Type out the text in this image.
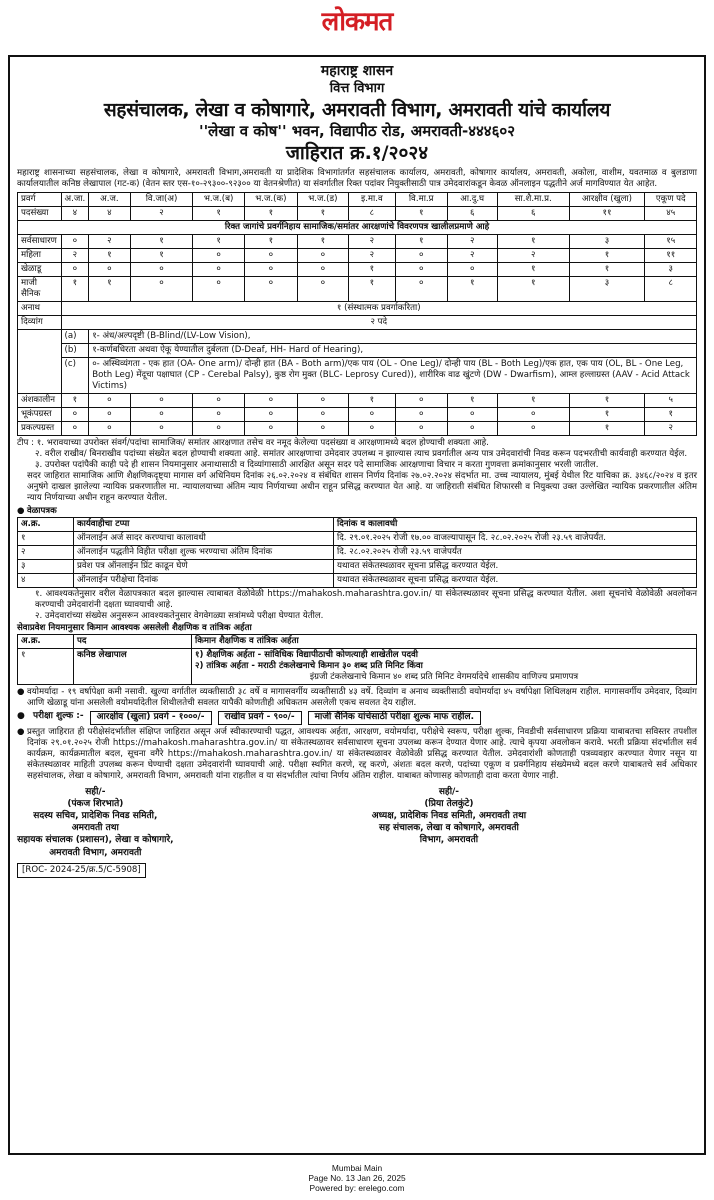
लोकमत
महाराष्ट्र शासन
वित्त विभाग
सहसंचालक, लेखा व कोषागारे, अमरावती विभाग, अमरावती यांचे कार्यालय
''लेखा व कोष'' भवन, विद्यापीठ रोड, अमरावती-४४४६०२
जाहिरात क्र.१/२०२४
महाराष्ट्र शासनाच्या सहसंचालक, लेखा व कोषागारे, अमरावती विभाग,अमरावती या प्रादेशिक विभागांतर्गत सहसंचालक कार्यालय, अमरावती, कोषागार कार्यालय, अमरावती, अकोला, वाशीम, यवतमाळ व बुलडाणा कार्यालयातील कनिष्ठ लेखापाल (गट-क) (वेतन स्तर एस-१०-२९३००-९२३०० या वेतनश्रेणीत) या संवर्गातील रिक्त पदांवर नियुक्तीसाठी पात्र उमेदवारांकडून केवळ ऑनलाइन पद्धतीने अर्ज मागविण्यात येत आहेत.
प्रवर्ग	अ.जा.	अ.ज.	वि.जा(अ)	भ.ज.(ब)	भ.ज.(क)	भ.ज.(ड)	इ.मा.व	वि.मा.प्र	आ.दु.घ	सा.शै.मा.प्र.	आरक्षीव (खुला)	एकूण पदे
पदसंख्या	४	४	२	१	१	१	८	१	६	६	११	४५
रिक्त जागांचे प्रवर्गनिहाय सामाजिक/समांतर आरक्षणांचे विवरणपत्र खालीलप्रमाणे आहे												
सर्वसाधारण	०	२	१	१	१	१	२	१	२	१	३	१५
महिला	२	१	१	०	०	०	२	०	२	२	१	११
खेळाडू	०	०	०	०	०	०	१	०	०	१	१	३
माजी सैनिक	१	१	०	०	०	०	१	०	१	१	३	८
अनाथ	१ (संस्थात्मक प्रवर्गाकरिता)											
दिव्यांग	२ पदे											
	(a)	१- अंध/अल्पदृष्टी (B-Blind/(LV-Low Vision),										
	(b)	१-कर्णबधिरता अथवा ऐकू येण्यातील दुर्बलता (D-Deaf, HH- Hard of Hearing),										
	(c)	०- अस्थिव्यंगता - एक हात (OA- One arm)/ दोन्ही हात (BA - Both arm)/एक पाय (OL - One Leg)/ दोन्ही पाय (BL - Both Leg)/एक हात, एक पाय (OL, BL - One Leg, Both Leg) मेंदूचा पक्षाघात (CP - Cerebal Palsy), कुष्ठ रोग मुक्त (BLC- Leprosy Cured)), शारीरिक वाढ खुंटणे (DW - Dwarfism), आम्ल हल्लाग्रस्त (AAV - Acid Attack Victims)										
अंशकालीन	१	०	०	०	०	०	१	०	१	१	१	५
भूकंपग्रस्त	०	०	०	०	०	०	०	०	०	०	१	१
प्रकल्पग्रस्त	०	०	०	०	०	०	०	०	०	०	१	२
टीप : १. भरावयाच्या उपरोक्त संवर्ग/पदांचा सामाजिक/ समांतर आरक्षणात तसेच वर नमूद केलेल्या पदसंख्या व आरक्षणामध्ये बदल होण्याची शक्यता आहे.
२. वरील राखीव/ बिनराखीव पदांच्या संख्येत बदल होण्याची शक्यता आहे. समांतर आरक्षणाचा उमेदवार उपलब्ध न झाल्यास त्याच प्रवर्गातील अन्य पात्र उमेदवारांची निवड करून पदभरतीची कार्यवाही करण्यात येईल.
३. उपरोक्त पदांपैकी काही पदे ही शासन नियमानुसार अनाथासाठी व दिव्यांगासाठी आरक्षित असून सदर पदे सामाजिक आरक्षणाचा विचार न करता गुणवत्ता क्रमांकानुसार भरली जातील.
सदर जाहिरात सामाजिक आणि शैक्षणिकदृष्ट्या मागास वर्ग अधिनियम दिनांक २६.०२.२०२४ व संबंधित शासन निर्णय दिनांक २७.०२.२०२४ संदर्भात मा. उच्च न्यायालय, मुंबई येथील रिट याचिका क्र. ३४६८/२०२४ व इतर अनुषंगे दाखल झालेल्या न्यायिक प्रकरणातील मा. न्यायालयाच्या अंतिम न्याय निर्णयाच्या अधीन राहून प्रसिद्ध करण्यात येत आहे. या जाहिराती संबंधित शिफारसी व नियुक्त्या उक्त उल्लेखित न्यायिक प्रकरणातील अंतिम न्याय निर्णयाच्या अधीन राहून करण्यात येतील.
● वेळापत्रक
अ.क्र.	कार्यवाहीचा टप्पा	दिनांक व कालावधी
१	ऑनलाईन अर्ज सादर करण्याचा कालावधी	दि. २९.०१.२०२५ रोजी १७.०० वाजल्यापासून दि. २८.०२.२०२५ रोजी २३.५९ वाजेपर्यंत.
२	ऑनलाईन पद्धतीने विहीत परीक्षा शुल्क भरण्याचा अंतिम दिनांक	दि. २८.०२.२०२५ रोजी २३.५९ वाजेपर्यंत
३	प्रवेश पत्र ऑनलाईन प्रिंट काढून घेणे	यथावत संकेतस्थळावर सूचना प्रसिद्ध करण्यात येईल.
४	ऑनलाईन परीक्षेचा दिनांक	यथावत संकेतस्थळावर सूचना प्रसिद्ध करण्यात येईल.
१. आवश्यकतेनुसार वरील वेळापत्रकात बदल झाल्यास त्याबाबत वेळोवेळी https://mahakosh.maharashtra.gov.in/ या संकेतस्थळावर सूचना प्रसिद्ध करण्यात येतील. अशा सूचनांचे वेळोवेळी अवलोकन करण्याची उमेदवारांनी दक्षता घ्यावयाची आहे.
२. उमेदवारांच्या संख्येस अनुसरून आवश्यकतेनुसार वेगवेगळ्या सत्रांमध्ये परीक्षा घेण्यात येतील.
सेवाप्रवेश नियमानुसार किमान आवश्यक असलेली शैक्षणिक व तांत्रिक अर्हता
अ.क्र.	पद	किमान शैक्षणिक व तांत्रिक अर्हता
१	कनिष्ठ लेखापाल	१) शैक्षणिक अर्हता - सांविधिक विद्यापीठाची कोणत्याही शाखेतील पदवी
२) तांत्रिक अर्हता - मराठी टंकलेखनाचे किमान ३० शब्द प्रति मिनिट किंवा
इंग्रजी टंकलेखनाचे किमान ४० शब्द प्रति मिनिट वेगमर्यादेचे शासकीय वाणिज्य प्रमाणपत्र
● वयोमर्यादा - १९ वर्षापेक्षा कमी नसावी. खुल्या वर्गातील व्यक्तीसाठी ३८ वर्षे व मागासवर्गीय व्यक्तीसाठी ४३ वर्षे. दिव्यांग व अनाथ व्यक्तीसाठी वयोमर्यादा ४५ वर्षापेक्षा शिथिलक्षम राहील. मागासवर्गीय उमेदवार, दिव्यांग आणि खेळाडू यांना असलेली वयोमर्यादेतील शिथीलतेची सवलत यापैकी कोणतीही अधिकतम असलेली एकच सवलत देय राहील.
● परीक्षा शुल्क :-	आरक्षीव (खुला) प्रवर्ग - १०००/-	राखीव प्रवर्ग - ९००/-	माजी सैनिक यांचेसाठी परीक्षा शुल्क माफ राहील.
● प्रस्तुत जाहिरात ही परीक्षेसंदर्भातील संक्षिप्त जाहिरात असून अर्ज स्वीकारण्याची पद्धत, आवश्यक अर्हता, आरक्षण, वयोमर्यादा, परीक्षेचे स्वरूप, परीक्षा शुल्क, निवडीची सर्वसाधारण प्रक्रिया याबाबतचा सविस्तर तपशील दिनांक २९.०१.२०२५ रोजी https://mahakosh.maharashtra.gov.in/ या संकेतस्थळावर सर्वसाधारण सूचना उपलब्ध करून देण्यात येणार आहे. त्याचे कृपया अवलोकन करावे. भरती प्रक्रिया संदर्भातील सर्व कार्यक्रम, कार्यक्रमातील बदल, सूचना वगैरे https://mahakosh.maharashtra.gov.in/ या संकेतस्थळावर वेळोवेळी प्रसिद्ध करण्यात येतील. उमेदवारांशी कोणताही पत्रव्यवहार करण्यात येणार नसून या संकेतस्थळावर माहिती उपलब्ध करून घेण्याची दक्षता उमेदवारांनी घ्यावयाची आहे. परीक्षा स्थगित करणे, रद्द करणे, अंशतः बदल करणे, पदांच्या एकूण व प्रवर्गनिहाय संख्येमध्ये बदल करणे याबाबतचे सर्व अधिकार सहसंचालक, लेखा व कोषागारे, अमरावती विभाग, अमरावती यांना राहतील व या संदर्भातील त्यांचा निर्णय अंतिम राहील. याबाबत कोणासह कोणताही दावा करता येणार नाही.
सही/-
(पंकज शिरभाते)
सदस्य सचिव, प्रादेशिक निवड समिती, अमरावती तथा
सहायक संचालक (प्रशासन), लेखा व कोषागारे, अमरावती विभाग, अमरावती
सही/-
(प्रिया तेलकुंटे)
अध्यक्ष, प्रादेशिक निवड समिती, अमरावती तथा
सह संचालक, लेखा व कोषागारे, अमरावती विभाग, अमरावती
[ROC- 2024-25/क्र.5/C-5908]
Mumbai Main
Page No. 13 Jan 26, 2025
Powered by: erelego.com
